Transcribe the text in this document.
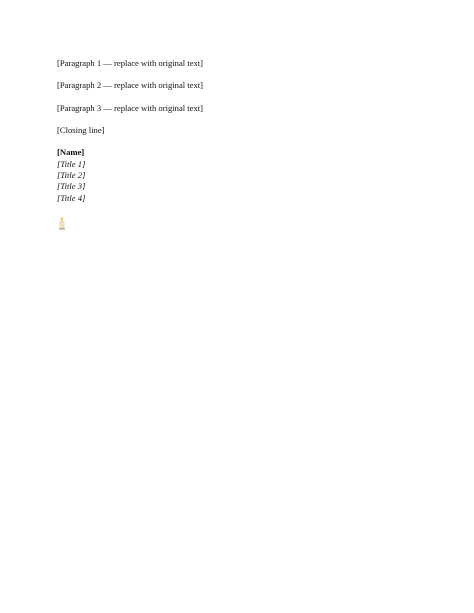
[Paragraph 1 — replace with original text]

[Paragraph 2 — replace with original text]

[Paragraph 3 — replace with original text]

[Closing line]

[Name]

[Title 1]

[Title 2]

[Title 3]

[Title 4]
